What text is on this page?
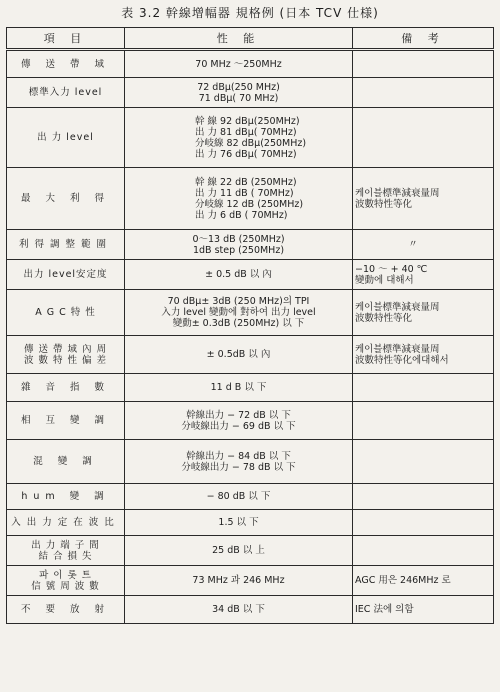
表 3.2 幹線增幅器 規格例 (日本 TCV 仕様)
項 目	性 能	備 考

傳 送 帶 域	70 MHz ～250MHz	

標準入力 level	72 dBμ(250 MHz)
71 dBμ( 70 MHz)	

出 力 level	幹 線 92 dBμ(250MHz)
出 力 81 dBμ( 70MHz)
分岐線 82 dBμ(250MHz)
出 力 76 dBμ( 70MHz)	

最 大 利 得	幹 線 22 dB (250MHz)
出 力 11 dB ( 70MHz)
分岐線 12 dB (250MHz)
出 力 6 dB ( 70MHz)	케이블標準減衰量周
波數特性等化

利得調整範圍	0～13 dB (250MHz)
1dB step (250MHz)	〃

出力 level安定度	± 0.5 dB 以 內	−10 ～ + 40 ℃
變動에 대해서

A G C 特 性	70 dBμ± 3dB (250 MHz)의 TPI
入力 level 變動에 對하여 出力 level
變動± 0.3dB (250MHz) 以 下	케이블標準減衰量周
波數特性等化

傳 送 帶 域 內 周
波 數 特 性 偏 差	± 0.5dB 以 內	케이블標準減衰量周
波數特性等化에대해서

雜 音 指 數	11 d B 以 下	

相 互 變 調	幹線出力 − 72 dB 以 下
分岐線出力 − 69 dB 以 下	

混 變 調	幹線出力 − 84 dB 以 下
分岐線出力 − 78 dB 以 下	

hum 變 調	− 80 dB 以 下	

入出力定在波比	1.5 以 下	

出 力 端 子 間
結 合 損 失	25 dB 以 上	

파 이 롯 트
信 號 周 波 數	73 MHz 과 246 MHz	AGC 用은 246MHz 로

不 要 放 射	34 dB 以 下	IEC 法에 의함
